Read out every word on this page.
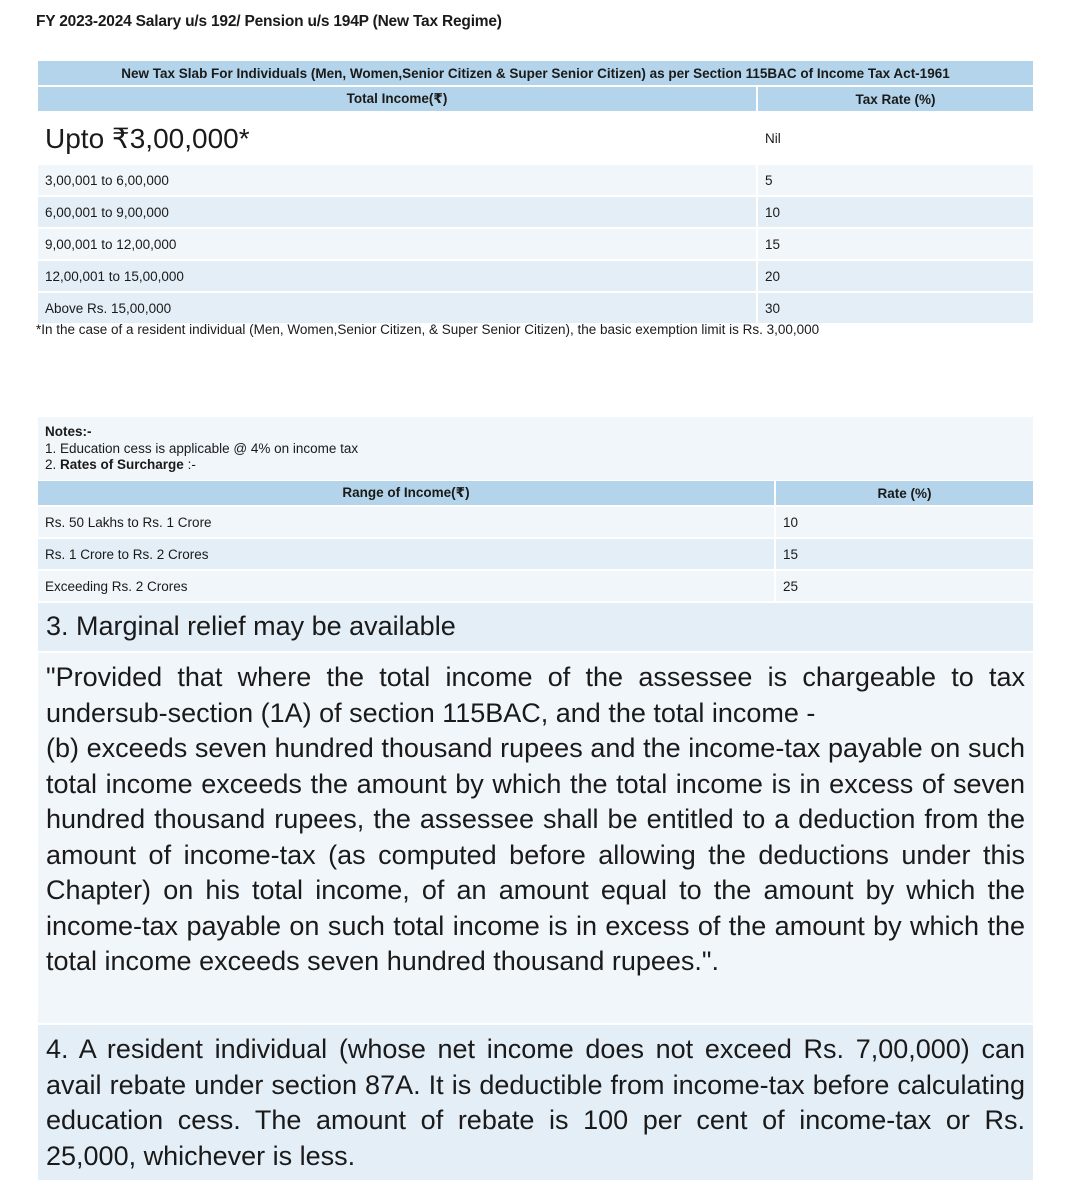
FY 2023-2024 Salary u/s 192/ Pension u/s 194P (New Tax Regime)
New Tax Slab For Individuals (Men, Women,Senior Citizen & Super Senior Citizen) as per Section 115BAC of Income Tax Act-1961
Total Income(₹)	Tax Rate (%)
Upto ₹3,00,000*	Nil
3,00,001 to 6,00,000	5
6,00,001 to 9,00,000	10
9,00,001 to 12,00,000	15
12,00,001 to 15,00,000	20
Above Rs. 15,00,000	30
*In the case of a resident individual (Men, Women,Senior Citizen, & Super Senior Citizen), the basic exemption limit is Rs. 3,00,000
Notes:-
1. Education cess is applicable @ 4% on income tax
2. Rates of Surcharge :-
Range of Income(₹)	Rate (%)
Rs. 50 Lakhs to Rs. 1 Crore	10
Rs. 1 Crore to Rs. 2 Crores	15
Exceeding Rs. 2 Crores	25
3. Marginal relief may be available
"Provided that where the total income of the assessee is chargeable to tax undersub-section (1A) of section 115BAC, and the total income -
(b) exceeds seven hundred thousand rupees and the income-tax payable on such total income exceeds the amount by which the total income is in excess of seven hundred thousand rupees, the assessee shall be entitled to a deduction from the amount of income-tax (as computed before allowing the deductions under this Chapter) on his total income, of an amount equal to the amount by which the income-tax payable on such total income is in excess of the amount by which the total income exceeds seven hundred thousand rupees.".
4. A resident individual (whose net income does not exceed Rs. 7,00,000) can avail rebate under section 87A. It is deductible from income-tax before calculating education cess. The amount of rebate is 100 per cent of income-tax or Rs. 25,000, whichever is less.
